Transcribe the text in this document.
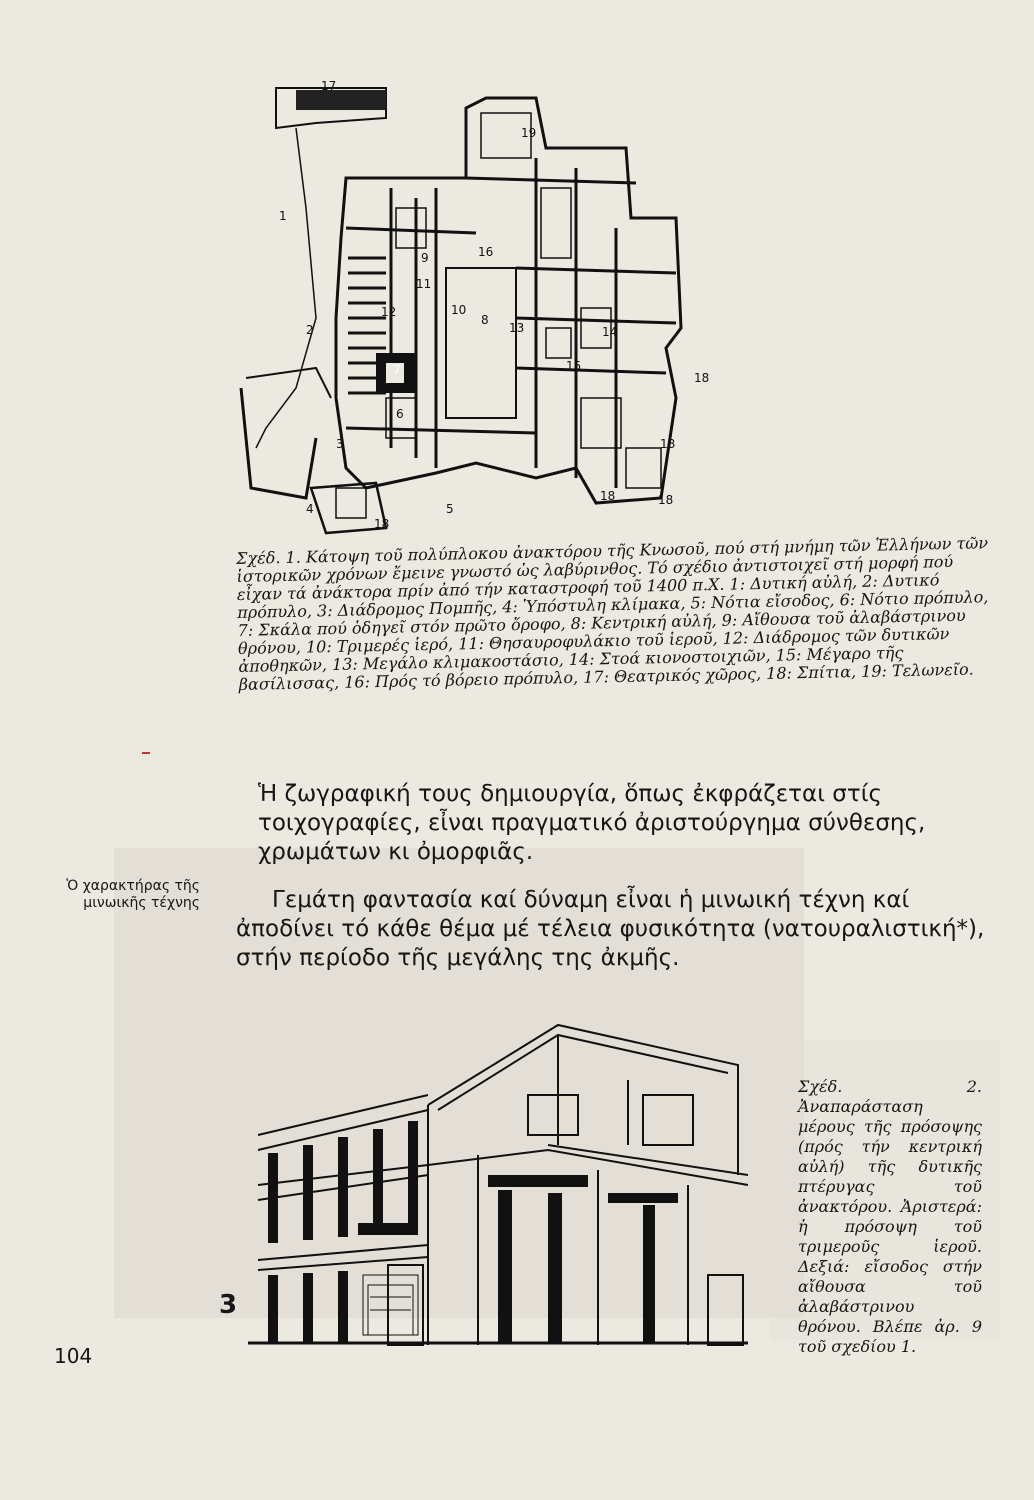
1
2
3
4	5
6
7
8
9
10
11
12
13	14
15
16
17
18
18
18	18
18
19
Σχέδ. 1. Κάτοψη τοῦ πολύπλοκου ἀνακτόρου τῆς Κνωσοῦ, πού στή μνήμη τῶν Ἑλλήνων τῶν ἱστορικῶν χρόνων ἔμεινε γνωστό ὡς λαβύρινθος. Τό σχέδιο ἀντιστοιχεῖ στή μορφή πού εἶχαν τά ἀνάκτορα πρίν ἀπό τήν καταστροφή τοῦ 1400 π.Χ. 1: Δυτική αὐλή, 2: Δυτικό πρόπυλο, 3: Διάδρομος Πομπῆς, 4: Ὑπόστυλη κλίμακα, 5: Νότια εἴσοδος, 6: Νότιο πρόπυλο, 7: Σκάλα πού ὁδηγεῖ στόν πρῶτο ὄροφο, 8: Κεντρική αὐλή, 9: Αἴθουσα τοῦ ἀλαβάστρινου θρόνου, 10: Τριμερές ἱερό, 11: Θησαυροφυλάκιο τοῦ ἱεροῦ, 12: Διάδρομος τῶν δυτικῶν ἀποθηκῶν, 13: Μεγάλο κλιμακοστάσιο, 14: Στοά κιονοστοιχιῶν, 15: Μέγαρο τῆς βασίλισσας, 16: Πρός τό βόρειο πρόπυλο, 17: Θεατρικός χῶρος, 18: Σπίτια, 19: Τελωνεῖο.
Ἡ ζωγραφική τους δημιουργία, ὅπως ἐκφράζεται στίς τοιχογραφίες, εἶναι πραγματικό ἀριστούργημα σύνθεσης, χρωμάτων κι ὀμορφιᾶς.
Ὁ χαρακτήρας τῆς μινωικῆς τέχνης	Γεμάτη φαντασία καί δύναμη εἶναι ἡ μινωική τέχνη καί ἀποδίνει τό κάθε θέμα μέ τέλεια φυσικότητα (νατουραλιστική*), στήν περίοδο τῆς μεγάλης της ἀκμῆς.
3
Σχέδ. 2. Ἀναπαράσταση μέρους τῆς πρόσοψης (πρός τήν κεντρική αὐλή) τῆς δυτικῆς πτέρυγας τοῦ ἀνακτόρου. Ἀριστερά: ἡ πρόσοψη τοῦ τριμεροῦς ἱεροῦ. Δεξιά: εἴσοδος στήν αἴθουσα τοῦ ἀλαβάστρινου θρόνου. Βλέπε ἀρ. 9 τοῦ σχεδίου 1.
104
